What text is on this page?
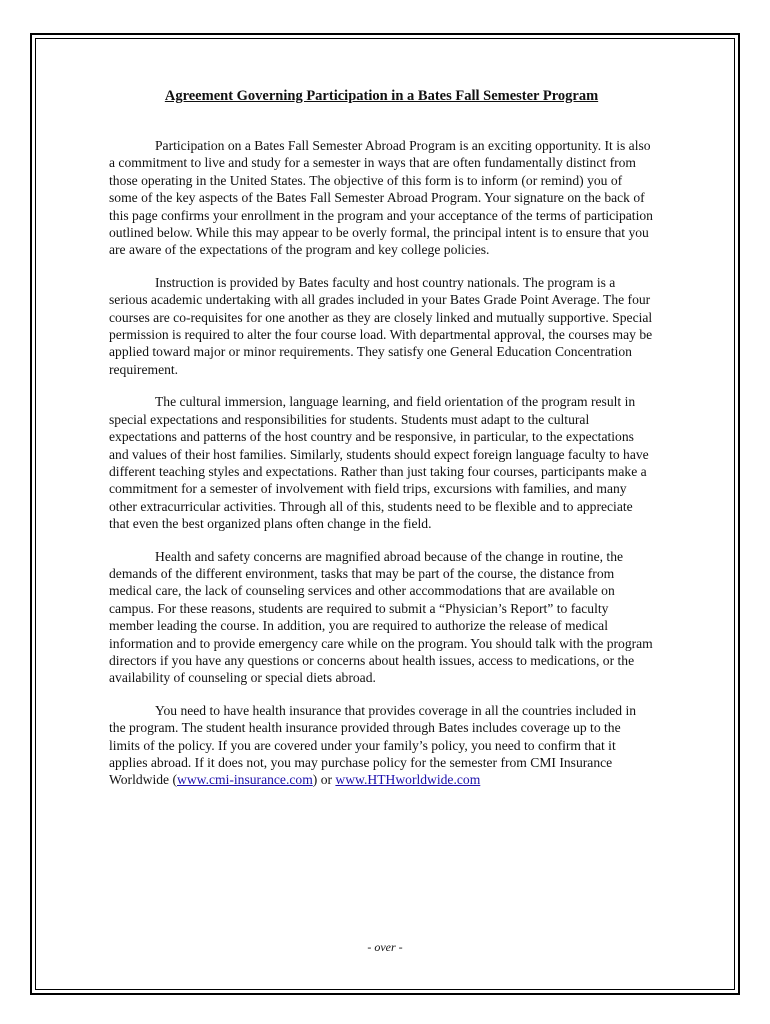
Agreement Governing Participation in a Bates Fall Semester Program

Participation on a Bates Fall Semester Abroad Program is an exciting opportunity. It is also a commitment to live and study for a semester in ways that are often fundamentally distinct from those operating in the United States. The objective of this form is to inform (or remind) you of some of the key aspects of the Bates Fall Semester Abroad Program. Your signature on the back of this page confirms your enrollment in the program and your acceptance of the terms of participation outlined below. While this may appear to be overly formal, the principal intent is to ensure that you are aware of the expectations of the program and key college policies.

Instruction is provided by Bates faculty and host country nationals. The program is a serious academic undertaking with all grades included in your Bates Grade Point Average. The four courses are co-requisites for one another as they are closely linked and mutually supportive. Special permission is required to alter the four course load. With departmental approval, the courses may be applied toward major or minor requirements. They satisfy one General Education Concentration requirement.

The cultural immersion, language learning, and field orientation of the program result in special expectations and responsibilities for students. Students must adapt to the cultural expectations and patterns of the host country and be responsive, in particular, to the expectations and values of their host families. Similarly, students should expect foreign language faculty to have different teaching styles and expectations. Rather than just taking four courses, participants make a commitment for a semester of involvement with field trips, excursions with families, and many other extracurricular activities. Through all of this, students need to be flexible and to appreciate that even the best organized plans often change in the field.

Health and safety concerns are magnified abroad because of the change in routine, the demands of the different environment, tasks that may be part of the course, the distance from medical care, the lack of counseling services and other accommodations that are available on campus. For these reasons, students are required to submit a “Physician’s Report” to faculty member leading the course. In addition, you are required to authorize the release of medical information and to provide emergency care while on the program. You should talk with the program directors if you have any questions or concerns about health issues, access to medications, or the availability of counseling or special diets abroad.

You need to have health insurance that provides coverage in all the countries included in the program. The student health insurance provided through Bates includes coverage up to the limits of the policy. If you are covered under your family’s policy, you need to confirm that it applies abroad. If it does not, you may purchase policy for the semester from CMI Insurance Worldwide (www.cmi-insurance.com) or www.HTHworldwide.com

- over -
